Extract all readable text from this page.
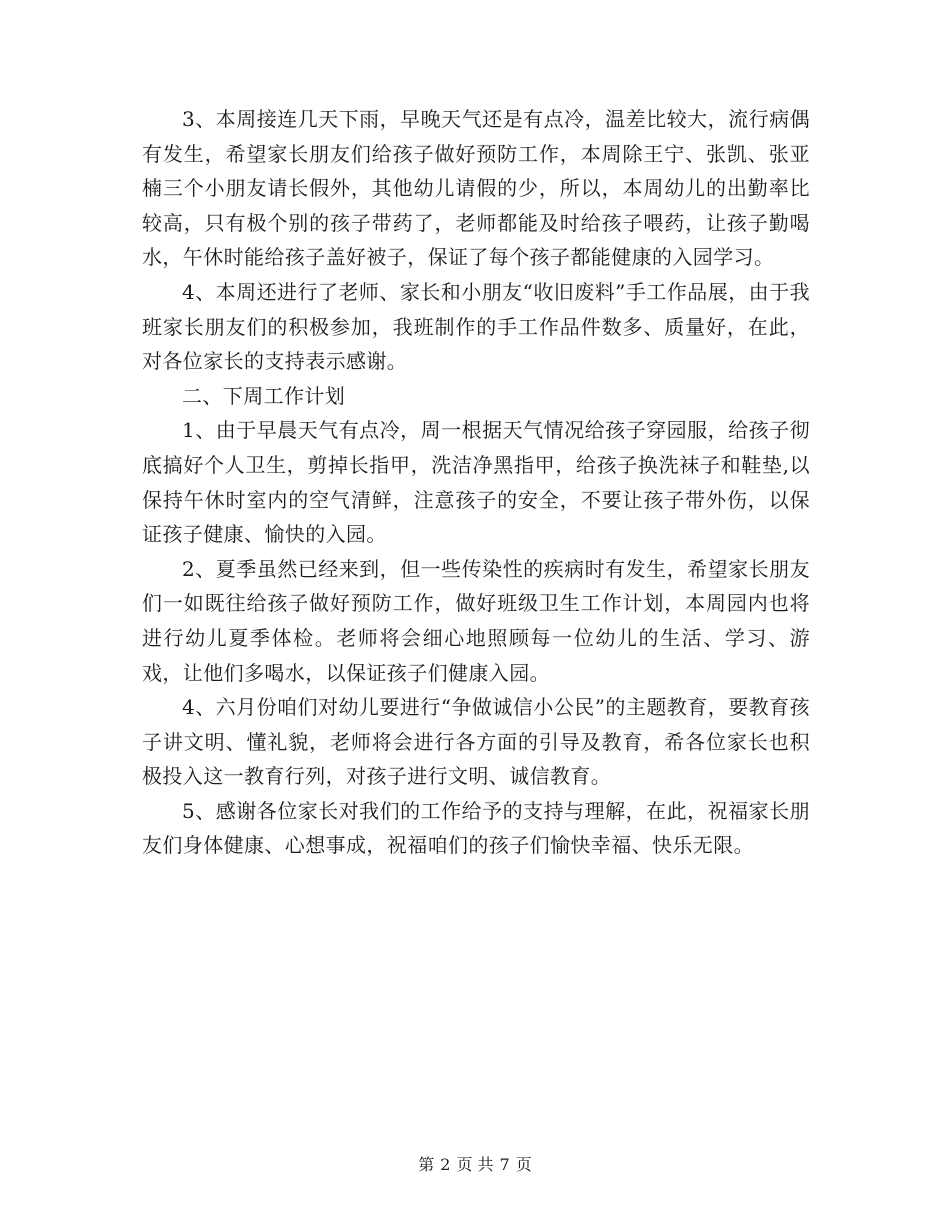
3、本周接连几天下雨，早晚天气还是有点冷，温差比较大，流行病偶有发生，希望家长朋友们给孩子做好预防工作，本周除王宁、张凯、张亚楠三个小朋友请长假外，其他幼儿请假的少，所以，本周幼儿的出勤率比较高，只有极个别的孩子带药了，老师都能及时给孩子喂药，让孩子勤喝水，午休时能给孩子盖好被子，保证了每个孩子都能健康的入园学习。

4、本周还进行了老师、家长和小朋友“收旧废料”手工作品展，由于我班家长朋友们的积极参加，我班制作的手工作品件数多、质量好，在此，对各位家长的支持表示感谢。

二、下周工作计划

1、由于早晨天气有点冷，周一根据天气情况给孩子穿园服，给孩子彻底搞好个人卫生，剪掉长指甲，洗洁净黑指甲，给孩子换洗袜子和鞋垫,以保持午休时室内的空气清鲜，注意孩子的安全，不要让孩子带外伤，以保证孩子健康、愉快的入园。

2、夏季虽然已经来到，但一些传染性的疾病时有发生，希望家长朋友们一如既往给孩子做好预防工作，做好班级卫生工作计划，本周园内也将进行幼儿夏季体检。老师将会细心地照顾每一位幼儿的生活、学习、游戏，让他们多喝水，以保证孩子们健康入园。

4、六月份咱们对幼儿要进行“争做诚信小公民”的主题教育，要教育孩子讲文明、懂礼貌，老师将会进行各方面的引导及教育，希各位家长也积极投入这一教育行列，对孩子进行文明、诚信教育。

5、感谢各位家长对我们的工作给予的支持与理解，在此，祝福家长朋友们身体健康、心想事成，祝福咱们的孩子们愉快幸福、快乐无限。

第 2 页 共 7 页
